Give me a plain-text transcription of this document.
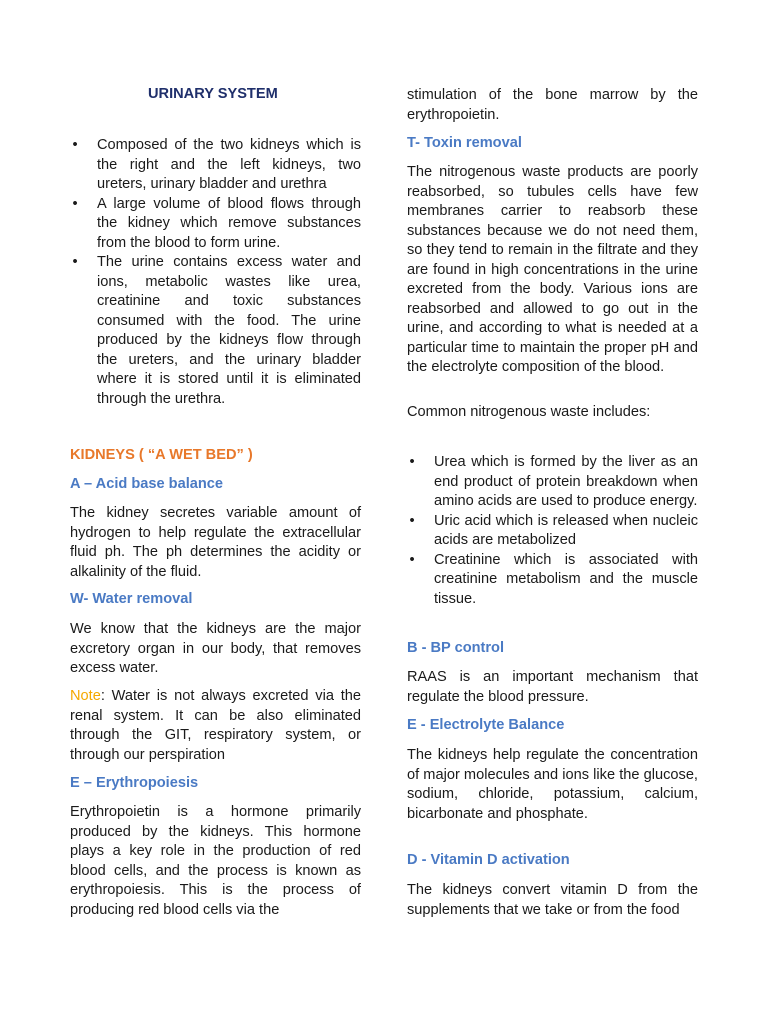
URINARY SYSTEM
• Composed of the two kidneys which is the right and the left kidneys, two ureters, urinary bladder and urethra
• A large volume of blood flows through the kidney which remove substances from the blood to form urine.
• The urine contains excess water and ions, metabolic wastes like urea, creatinine and toxic substances consumed with the food. The urine produced by the kidneys flow through the ureters, and the urinary bladder where it is stored until it is eliminated through the urethra.
KIDNEYS ( “A WET BED” )
A – Acid base balance

The kidney secretes variable amount of hydrogen to help regulate the extracellular fluid ph. The ph determines the acidity or alkalinity of the fluid.

W- Water removal

We know that the kidneys are the major excretory organ in our body, that removes excess water.

Note: Water is not always excreted via the renal system. It can be also eliminated through the GIT, respiratory system, or through our perspiration

E – Erythropoiesis

Erythropoietin is a hormone primarily produced by the kidneys. This hormone plays a key role in the production of red blood cells, and the process is known as erythropoiesis. This is the process of producing red blood cells via the

stimulation of the bone marrow by the erythropoietin.

T- Toxin removal

The nitrogenous waste products are poorly reabsorbed, so tubules cells have few membranes carrier to reabsorb these substances because we do not need them, so they tend to remain in the filtrate and they are found in high concentrations in the urine excreted from the body. Various ions are reabsorbed and allowed to go out in the urine, and according to what is needed at a particular time to maintain the proper pH and the electrolyte composition of the blood.

Common nitrogenous waste includes:

• Urea which is formed by the liver as an end product of protein breakdown when amino acids are used to produce energy.
• Uric acid which is released when nucleic acids are metabolized
• Creatinine which is associated with creatinine metabolism and the muscle tissue.
B - BP control

RAAS is an important mechanism that regulate the blood pressure.

E - Electrolyte Balance

The kidneys help regulate the concentration of major molecules and ions like the glucose, sodium, chloride, potassium, calcium, bicarbonate and phosphate.

D - Vitamin D activation

The kidneys convert vitamin D from the supplements that we take or from the food
